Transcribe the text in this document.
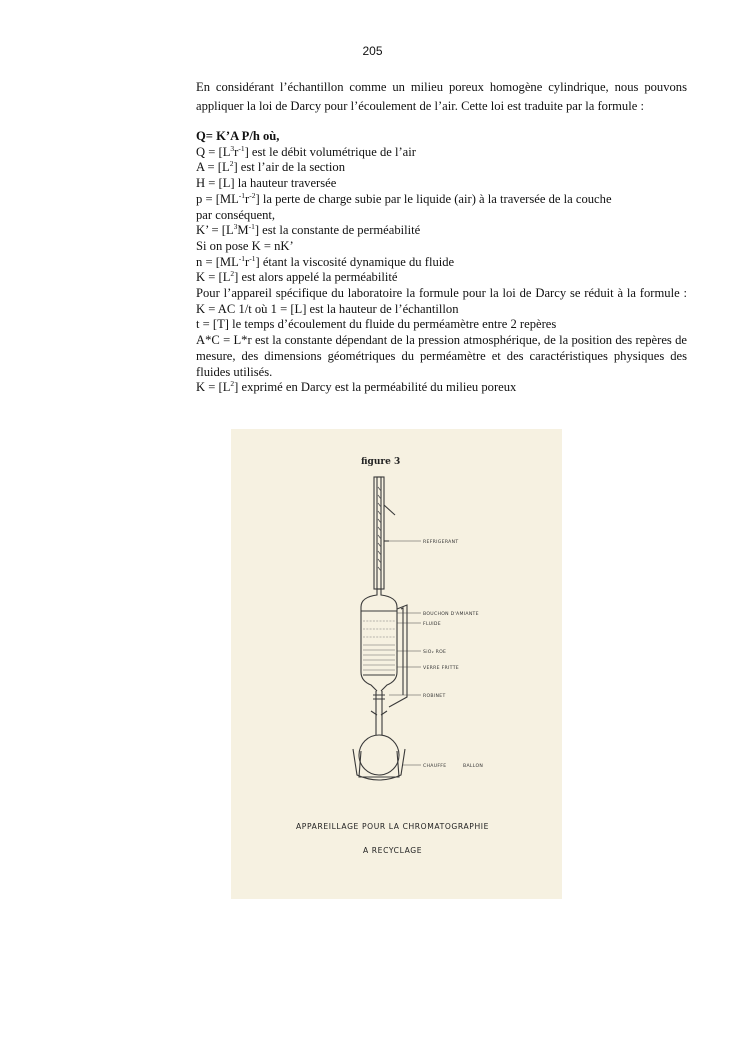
205

En considérant l’échantillon comme un milieu poreux homogène cylindrique, nous pouvons appliquer la loi de Darcy pour l’écoulement de l’air. Cette loi est traduite par la formule :

Q= K’A P/h où,

$Q = [L^3r^{-1}]$ est le débit volumétrique de l’air

$A = [L^2]$ est l’air de la section

H = [L] la hauteur traversée

$p = [ML^{-1}r^{-2}]$ la perte de charge subie par le liquide (air) à la traversée de la couche

par conséquent,

K’ = $[L^3M^{-1}]$ est la constante de perméabilité

Si on pose K = nK’

$n = [ML^{-1}r^{-1}]$ étant la viscosité dynamique du fluide

$K = [L^2]$ est alors appelé la perméabilité

Pour l’appareil spécifique du laboratoire la formule pour la loi de Darcy se réduit à la formule : K = AC 1/t où 1 = [L] est la hauteur de l’échantillon

t = [T] le temps d’écoulement du fluide du perméamètre entre 2 repères

A*C = L*r est la constante dépendant de la pression atmosphérique, de la position des repères de mesure, des dimensions géométriques du perméamètre et des caractéristiques physiques des fluides utilisés.

$K = [L^2]$ exprimé en Darcy est la perméabilité du milieu poreux

figure 3
REFRIGERANT
BOUCHON D'AMIANTE
FLUIDE
SiO₂ ROE
VERRE FRITTE
ROBINET
CHAUFFE	BALLON
APPAREILLAGE POUR LA CHROMATOGRAPHIE
A RECYCLAGE
